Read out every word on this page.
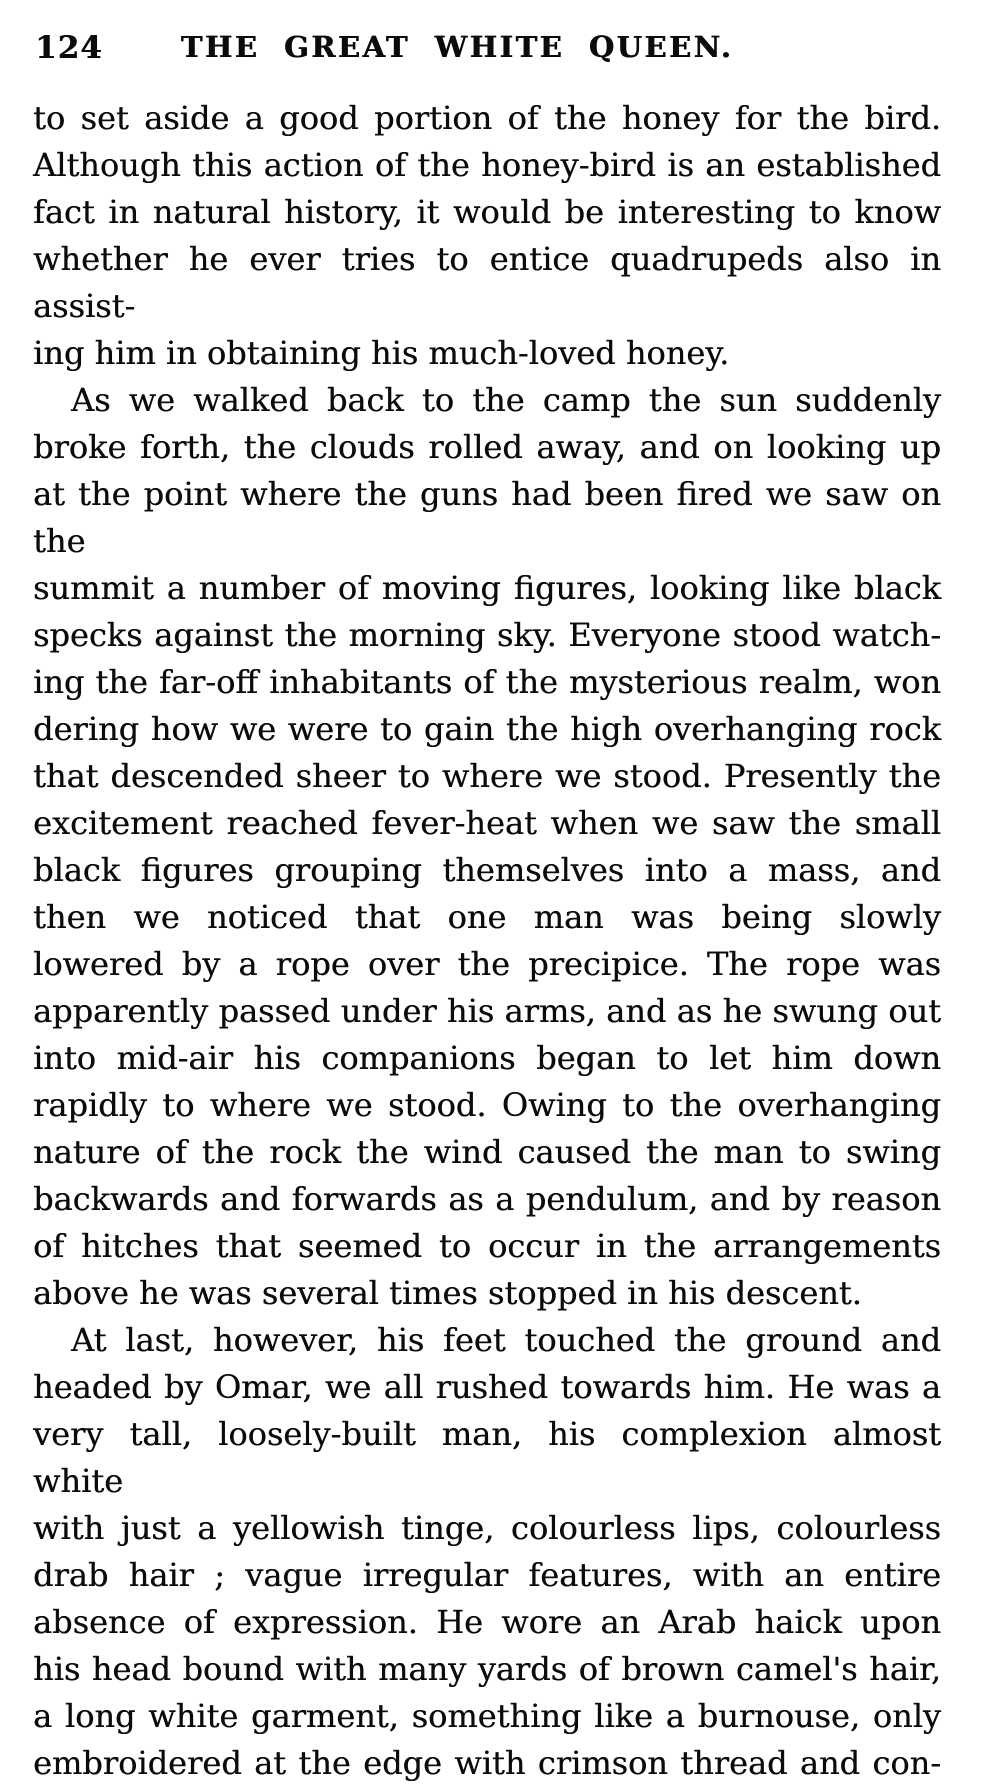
124	THE GREAT WHITE QUEEN.
to set aside a good portion of the honey for the bird.
Although this action of the honey-bird is an established
fact in natural history, it would be interesting to know
whether he ever tries to entice quadrupeds also in assist-
ing him in obtaining his much-loved honey.
As we walked back to the camp the sun suddenly
broke forth, the clouds rolled away, and on looking up
at the point where the guns had been fired we saw on the
summit a number of moving figures, looking like black
specks against the morning sky. Everyone stood watch-
ing the far-off inhabitants of the mysterious realm, won
dering how we were to gain the high overhanging rock
that descended sheer to where we stood. Presently the
excitement reached fever-heat when we saw the small
black figures grouping themselves into a mass, and
then we noticed that one man was being slowly
lowered by a rope over the precipice. The rope was
apparently passed under his arms, and as he swung out
into mid-air his companions began to let him down
rapidly to where we stood. Owing to the overhanging
nature of the rock the wind caused the man to swing
backwards and forwards as a pendulum, and by reason
of hitches that seemed to occur in the arrangements
above he was several times stopped in his descent.
At last, however, his feet touched the ground and
headed by Omar, we all rushed towards him. He was a
very tall, loosely-built man, his complexion almost white
with just a yellowish tinge, colourless lips, colourless
drab hair ; vague irregular features, with an entire
absence of expression. He wore an Arab haick upon
his head bound with many yards of brown camel's hair,
a long white garment, something like a burnouse, only
embroidered at the edge with crimson thread and con-
